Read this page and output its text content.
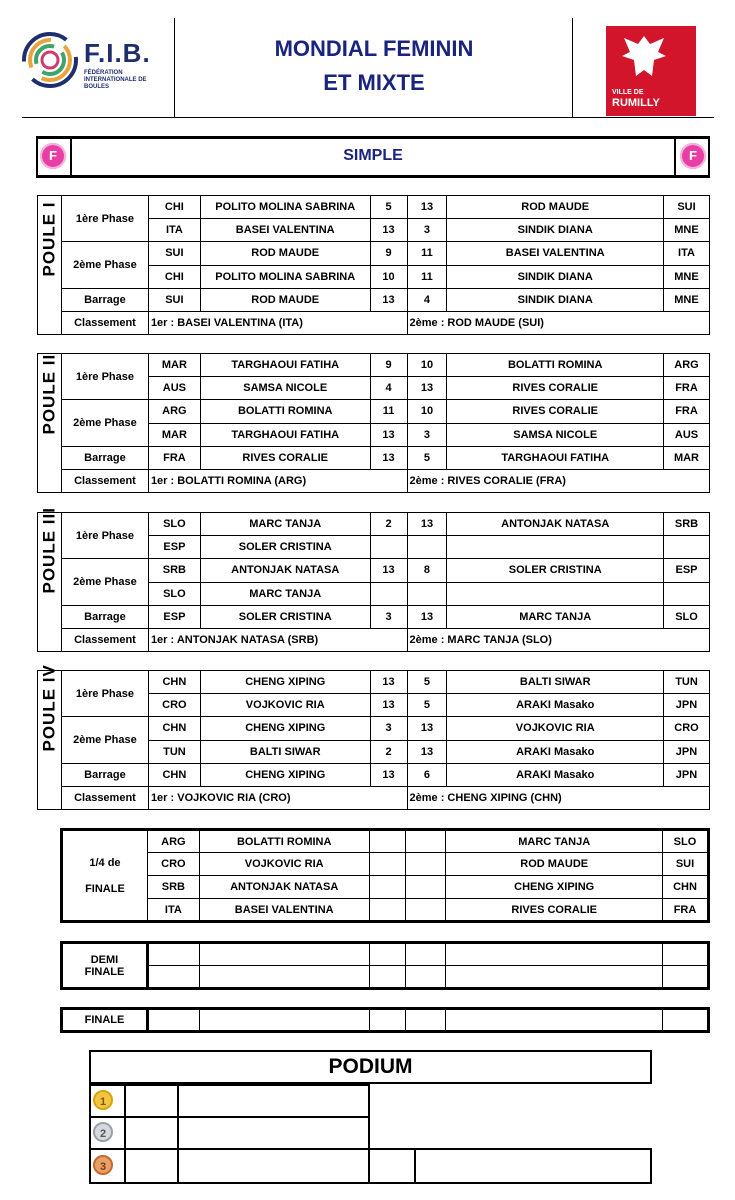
F.I.B.
FÉDÉRATION INTERNATIONALE DE BOULES
MONDIAL FEMININ
ET MIXTE	VILLE DE
RUMILLY
F	SIMPLE	F
POULE I	1ère Phase	CHI	POLITO MOLINA SABRINA	5	13	ROD MAUDE	SUI
		ITA	BASEI VALENTINA	13	3	SINDIK DIANA	MNE
	2ème Phase	SUI	ROD MAUDE	9	11	BASEI VALENTINA	ITA
		CHI	POLITO MOLINA SABRINA	10	11	SINDIK DIANA	MNE
	Barrage	SUI	ROD MAUDE	13	4	SINDIK DIANA	MNE
	Classement	1er : BASEI VALENTINA (ITA)			2ème : ROD MAUDE (SUI)		
POULE II	1ère Phase	MAR	TARGHAOUI FATIHA	9	10	BOLATTI ROMINA	ARG
		AUS	SAMSA NICOLE	4	13	RIVES CORALIE	FRA
	2ème Phase	ARG	BOLATTI ROMINA	11	10	RIVES CORALIE	FRA
		MAR	TARGHAOUI FATIHA	13	3	SAMSA NICOLE	AUS
	Barrage	FRA	RIVES CORALIE	13	5	TARGHAOUI FATIHA	MAR
	Classement	1er : BOLATTI ROMINA (ARG)			2ème : RIVES CORALIE (FRA)		
POULE III	1ère Phase	SLO	MARC TANJA	2	13	ANTONJAK NATASA	SRB
		ESP	SOLER CRISTINA				
	2ème Phase	SRB	ANTONJAK NATASA	13	8	SOLER CRISTINA	ESP
		SLO	MARC TANJA				
	Barrage	ESP	SOLER CRISTINA	3	13	MARC TANJA	SLO
	Classement	1er : ANTONJAK NATASA (SRB)			2ème : MARC TANJA (SLO)		
POULE IV	1ère Phase	CHN	CHENG XIPING	13	5	BALTI SIWAR	TUN
		CRO	VOJKOVIC RIA	13	5	ARAKI Masako	JPN
	2ème Phase	CHN	CHENG XIPING	3	13	VOJKOVIC RIA	CRO
		TUN	BALTI SIWAR	2	13	ARAKI Masako	JPN
	Barrage	CHN	CHENG XIPING	13	6	ARAKI Masako	JPN
	Classement	1er : VOJKOVIC RIA (CRO)			2ème : CHENG XIPING (CHN)		
1/4 de
FINALE	ARG	BOLATTI ROMINA			MARC TANJA	SLO
	CRO	VOJKOVIC RIA			ROD MAUDE	SUI
	SRB	ANTONJAK NATASA			CHENG XIPING	CHN
	ITA	BASEI VALENTINA			RIVES CORALIE	FRA
DEMI
FINALE						

FINALE						
PODIUM
1
2
3
